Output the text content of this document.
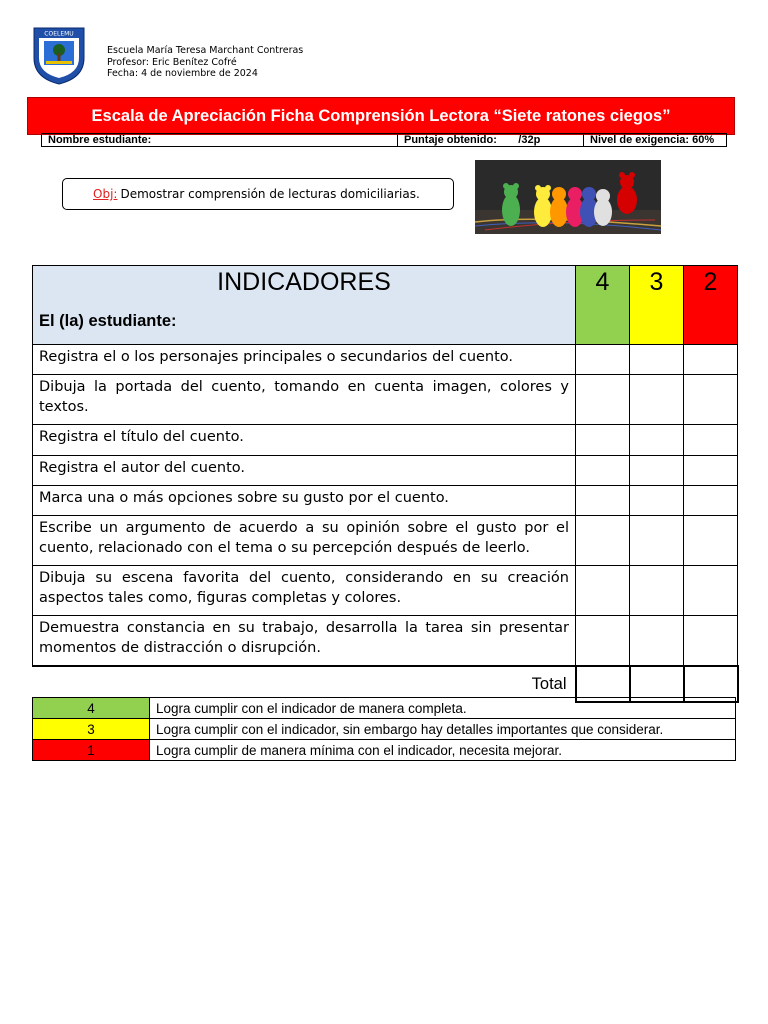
COELEMU
Escuela María Teresa Marchant Contreras
Profesor: Eric Benítez Cofré
Fecha: 4 de noviembre de 2024
Escala de Apreciación Ficha Comprensión Lectora “Siete ratones ciegos”
Nombre estudiante:	Puntaje obtenido: /32p	Nivel de exigencia: 60%
Obj: Demostrar comprensión de lecturas domiciliarias.
INDICADORES
El (la) estudiante:	4	3	2
Registra el o los personajes principales o secundarios del cuento.			
Dibuja la portada del cuento, tomando en cuenta imagen, colores y textos.			
Registra el título del cuento.			
Registra el autor del cuento.			
Marca una o más opciones sobre su gusto por el cuento.			
Escribe un argumento de acuerdo a su opinión sobre el gusto por el cuento, relacionado con el tema o su percepción después de leerlo.			
Dibuja su escena favorita del cuento, considerando en su creación aspectos tales como, figuras completas y colores.			
Demuestra constancia en su trabajo, desarrolla la tarea sin presentar momentos de distracción o disrupción.			
Total			
4	Logra cumplir con el indicador de manera completa.
3	Logra cumplir con el indicador, sin embargo hay detalles importantes que considerar.
1	Logra cumplir de manera mínima con el indicador, necesita mejorar.
